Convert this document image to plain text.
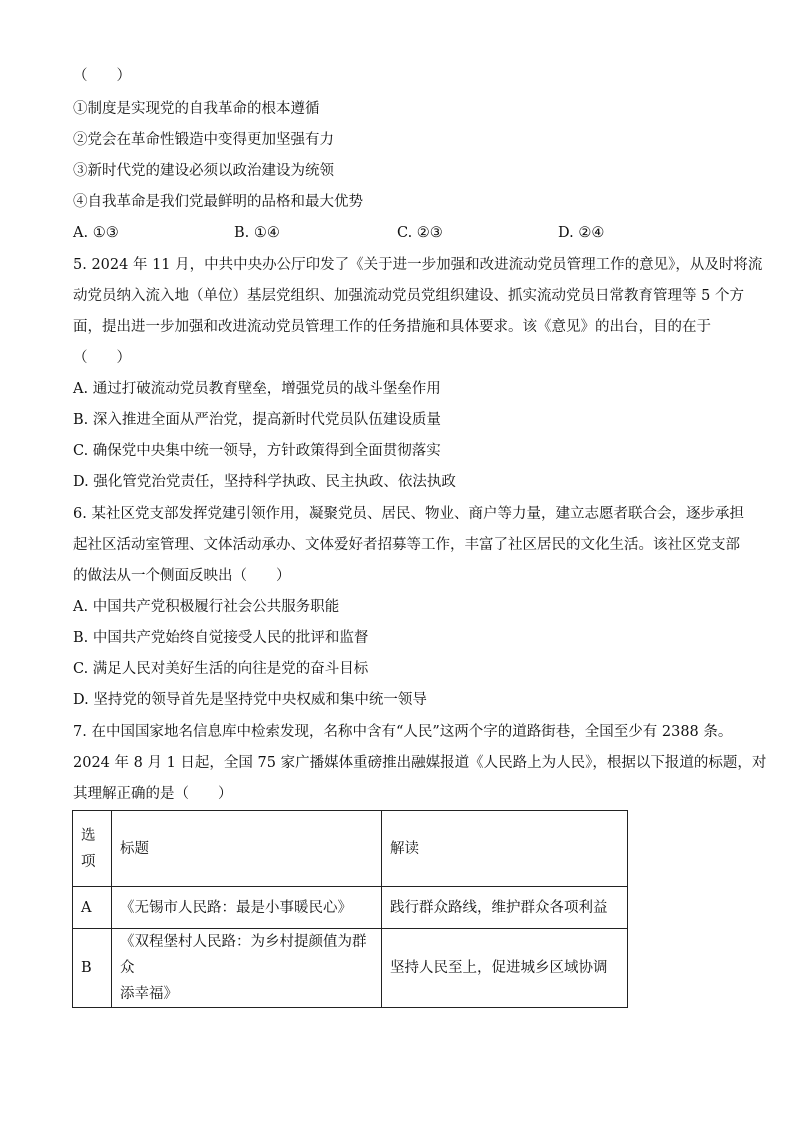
（　　）
①制度是实现党的自我革命的根本遵循
②党会在革命性锻造中变得更加坚强有力
③新时代党的建设必须以政治建设为统领
④自我革命是我们党最鲜明的品格和最大优势
A. ①③	B. ①④	C. ②③	D. ②④
5. 2024 年 11 月，中共中央办公厅印发了《关于进一步加强和改进流动党员管理工作的意见》，从及时将流
动党员纳入流入地（单位）基层党组织、加强流动党员党组织建设、抓实流动党员日常教育管理等 5 个方
面，提出进一步加强和改进流动党员管理工作的任务措施和具体要求。该《意见》的出台，目的在于
（　　）
A. 通过打破流动党员教育壁垒，增强党员的战斗堡垒作用
B. 深入推进全面从严治党，提高新时代党员队伍建设质量
C. 确保党中央集中统一领导，方针政策得到全面贯彻落实
D. 强化管党治党责任，坚持科学执政、民主执政、依法执政
6. 某社区党支部发挥党建引领作用，凝聚党员、居民、物业、商户等力量，建立志愿者联合会，逐步承担
起社区活动室管理、文体活动承办、文体爱好者招募等工作，丰富了社区居民的文化生活。该社区党支部
的做法从一个侧面反映出（　　）
A. 中国共产党积极履行社会公共服务职能
B. 中国共产党始终自觉接受人民的批评和监督
C. 满足人民对美好生活的向往是党的奋斗目标
D. 坚持党的领导首先是坚持党中央权威和集中统一领导
7. 在中国国家地名信息库中检索发现，名称中含有“人民”这两个字的道路街巷，全国至少有 2388 条。
2024 年 8 月 1 日起，全国 75 家广播媒体重磅推出融媒报道《人民路上为人民》，根据以下报道的标题，对
其理解正确的是（　　）
选项	标题	解读
A	《无锡市人民路：最是小事暖民心》	践行群众路线，维护群众各项利益
B	《双程堡村人民路：为乡村提颜值为群众
添幸福》	坚持人民至上，促进城乡区域协调
